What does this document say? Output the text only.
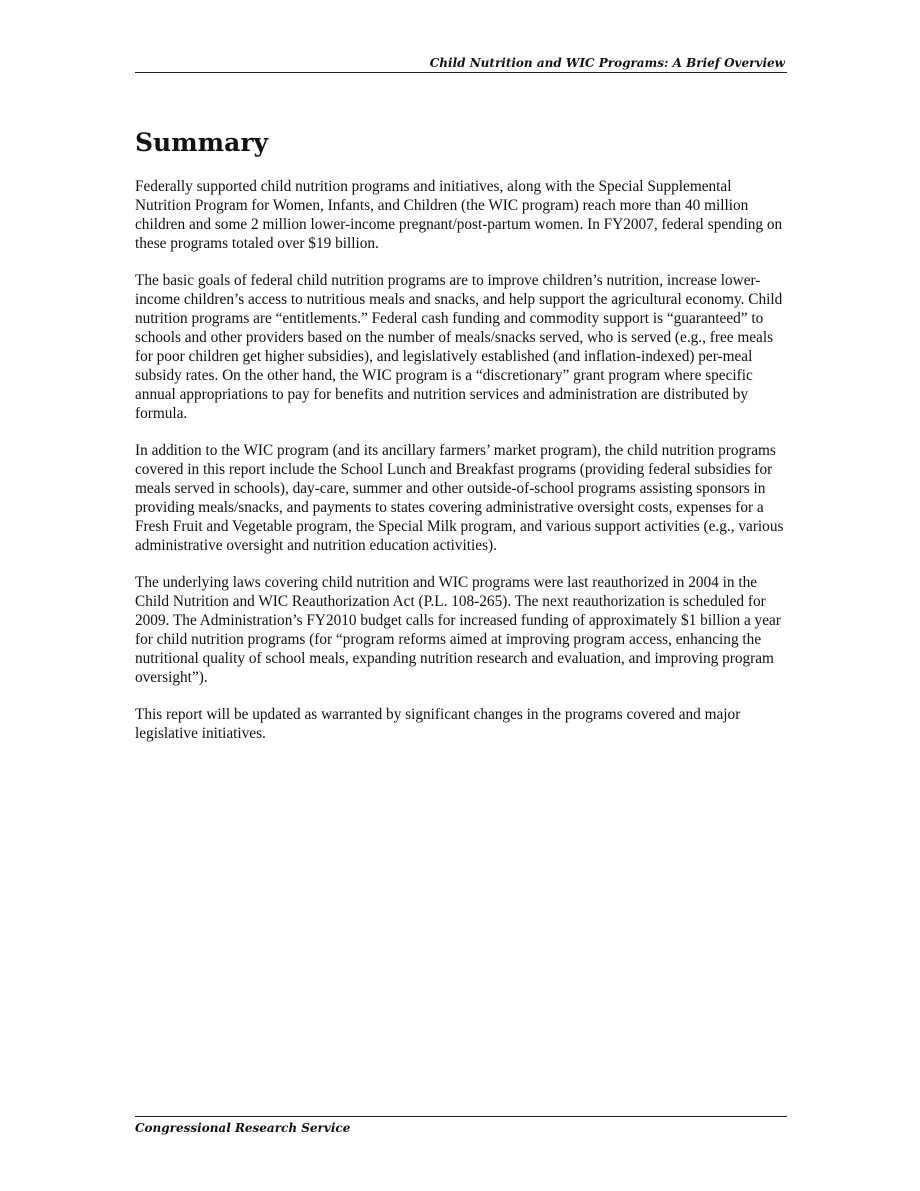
Child Nutrition and WIC Programs: A Brief Overview
Summary

Federally supported child nutrition programs and initiatives, along with the Special Supplemental Nutrition Program for Women, Infants, and Children (the WIC program) reach more than 40 million children and some 2 million lower-income pregnant/post-partum women. In FY2007, federal spending on these programs totaled over $19 billion.

The basic goals of federal child nutrition programs are to improve children’s nutrition, increase lower-income children’s access to nutritious meals and snacks, and help support the agricultural economy. Child nutrition programs are “entitlements.” Federal cash funding and commodity support is “guaranteed” to schools and other providers based on the number of meals/snacks served, who is served (e.g., free meals for poor children get higher subsidies), and legislatively established (and inflation-indexed) per-meal subsidy rates. On the other hand, the WIC program is a “discretionary” grant program where specific annual appropriations to pay for benefits and nutrition services and administration are distributed by formula.

In addition to the WIC program (and its ancillary farmers’ market program), the child nutrition programs covered in this report include the School Lunch and Breakfast programs (providing federal subsidies for meals served in schools), day-care, summer and other outside-of-school programs assisting sponsors in providing meals/snacks, and payments to states covering administrative oversight costs, expenses for a Fresh Fruit and Vegetable program, the Special Milk program, and various support activities (e.g., various administrative oversight and nutrition education activities).

The underlying laws covering child nutrition and WIC programs were last reauthorized in 2004 in the Child Nutrition and WIC Reauthorization Act (P.L. 108-265). The next reauthorization is scheduled for 2009. The Administration’s FY2010 budget calls for increased funding of approximately $1 billion a year for child nutrition programs (for “program reforms aimed at improving program access, enhancing the nutritional quality of school meals, expanding nutrition research and evaluation, and improving program oversight”).

This report will be updated as warranted by significant changes in the programs covered and major legislative initiatives.

Congressional Research Service
